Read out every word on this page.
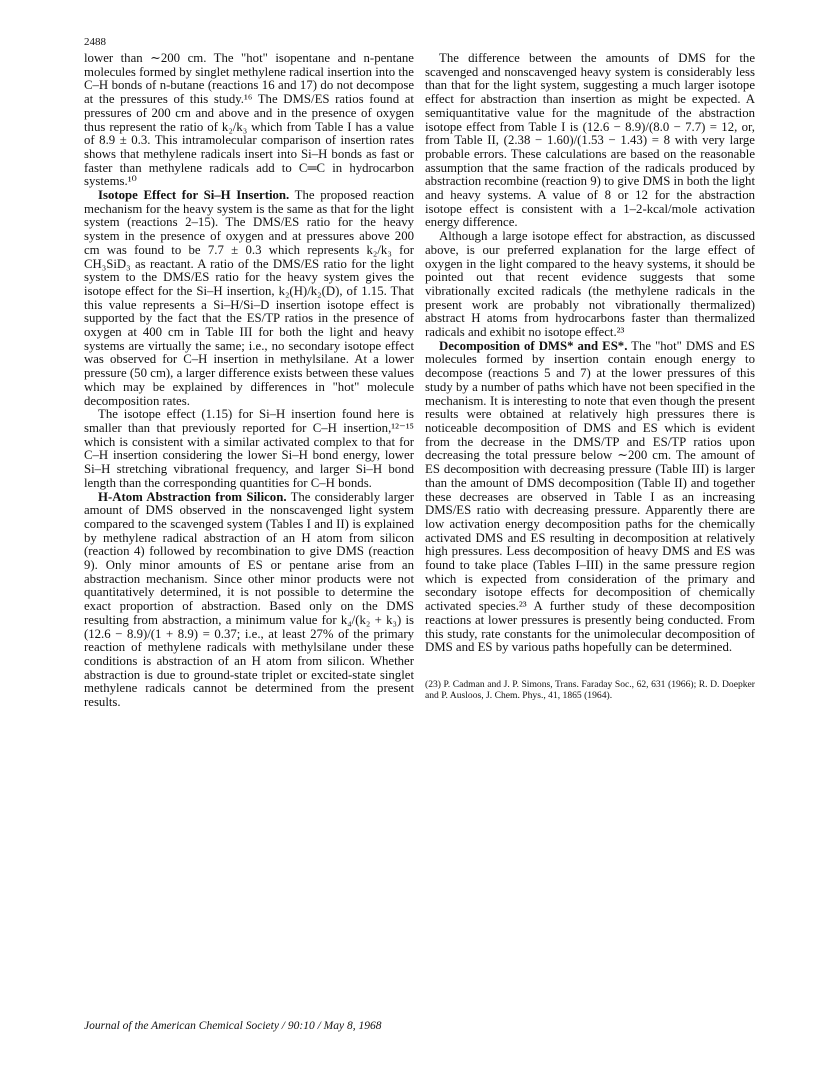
2488

lower than ∼200 cm. The "hot" isopentane and n-pentane molecules formed by singlet methylene radical insertion into the C–H bonds of n-butane (reactions 16 and 17) do not decompose at the pressures of this study.¹⁶ The DMS/ES ratios found at pressures of 200 cm and above and in the presence of oxygen thus represent the ratio of k₂/k₃ which from Table I has a value of 8.9 ± 0.3. This intramolecular comparison of insertion rates shows that methylene radicals insert into Si–H bonds as fast or faster than methylene radicals add to C═C in hydrocarbon systems.¹⁰

Isotope Effect for Si–H Insertion. The proposed reaction mechanism for the heavy system is the same as that for the light system (reactions 2–15). The DMS/ES ratio for the heavy system in the presence of oxygen and at pressures above 200 cm was found to be 7.7 ± 0.3 which represents k₂/k₃ for CH₃SiD₃ as reactant. A ratio of the DMS/ES ratio for the light system to the DMS/ES ratio for the heavy system gives the isotope effect for the Si–H insertion, k₂(H)/k₂(D), of 1.15. That this value represents a Si–H/Si–D insertion isotope effect is supported by the fact that the ES/TP ratios in the presence of oxygen at 400 cm in Table III for both the light and heavy systems are virtually the same; i.e., no secondary isotope effect was observed for C–H insertion in methylsilane. At a lower pressure (50 cm), a larger difference exists between these values which may be explained by differences in "hot" molecule decomposition rates.

The isotope effect (1.15) for Si–H insertion found here is smaller than that previously reported for C–H insertion,¹²⁻¹⁵ which is consistent with a similar activated complex to that for C–H insertion considering the lower Si–H bond energy, lower Si–H stretching vibrational frequency, and larger Si–H bond length than the corresponding quantities for C–H bonds.

H-Atom Abstraction from Silicon. The considerably larger amount of DMS observed in the nonscavenged light system compared to the scavenged system (Tables I and II) is explained by methylene radical abstraction of an H atom from silicon (reaction 4) followed by recombination to give DMS (reaction 9). Only minor amounts of ES or pentane arise from an abstraction mechanism. Since other minor products were not quantitatively determined, it is not possible to determine the exact proportion of abstraction. Based only on the DMS resulting from abstraction, a minimum value for k₄/(k₂ + k₃) is (12.6 − 8.9)/(1 + 8.9) = 0.37; i.e., at least 27% of the primary reaction of methylene radicals with methylsilane under these conditions is abstraction of an H atom from silicon. Whether abstraction is due to ground-state triplet or excited-state singlet methylene radicals cannot be determined from the present results.

The difference between the amounts of DMS for the scavenged and nonscavenged heavy system is considerably less than that for the light system, suggesting a much larger isotope effect for abstraction than insertion as might be expected. A semiquantitative value for the magnitude of the abstraction isotope effect from Table I is (12.6 − 8.9)/(8.0 − 7.7) = 12, or, from Table II, (2.38 − 1.60)/(1.53 − 1.43) = 8 with very large probable errors. These calculations are based on the reasonable assumption that the same fraction of the radicals produced by abstraction recombine (reaction 9) to give DMS in both the light and heavy systems. A value of 8 or 12 for the abstraction isotope effect is consistent with a 1–2-kcal/mole activation energy difference.

Although a large isotope effect for abstraction, as discussed above, is our preferred explanation for the large effect of oxygen in the light compared to the heavy systems, it should be pointed out that recent evidence suggests that some vibrationally excited radicals (the methylene radicals in the present work are probably not vibrationally thermalized) abstract H atoms from hydrocarbons faster than thermalized radicals and exhibit no isotope effect.²³

Decomposition of DMS* and ES*. The "hot" DMS and ES molecules formed by insertion contain enough energy to decompose (reactions 5 and 7) at the lower pressures of this study by a number of paths which have not been specified in the mechanism. It is interesting to note that even though the present results were obtained at relatively high pressures there is noticeable decomposition of DMS and ES which is evident from the decrease in the DMS/TP and ES/TP ratios upon decreasing the total pressure below ∼200 cm. The amount of ES decomposition with decreasing pressure (Table III) is larger than the amount of DMS decomposition (Table II) and together these decreases are observed in Table I as an increasing DMS/ES ratio with decreasing pressure. Apparently there are low activation energy decomposition paths for the chemically activated DMS and ES resulting in decomposition at relatively high pressures. Less decomposition of heavy DMS and ES was found to take place (Tables I–III) in the same pressure region which is expected from consideration of the primary and secondary isotope effects for decomposition of chemically activated species.²³ A further study of these decomposition reactions at lower pressures is presently being conducted. From this study, rate constants for the unimolecular decomposition of DMS and ES by various paths hopefully can be determined.

(23) P. Cadman and J. P. Simons, Trans. Faraday Soc., 62, 631 (1966); R. D. Doepker and P. Ausloos, J. Chem. Phys., 41, 1865 (1964).
Journal of the American Chemical Society / 90:10 / May 8, 1968
